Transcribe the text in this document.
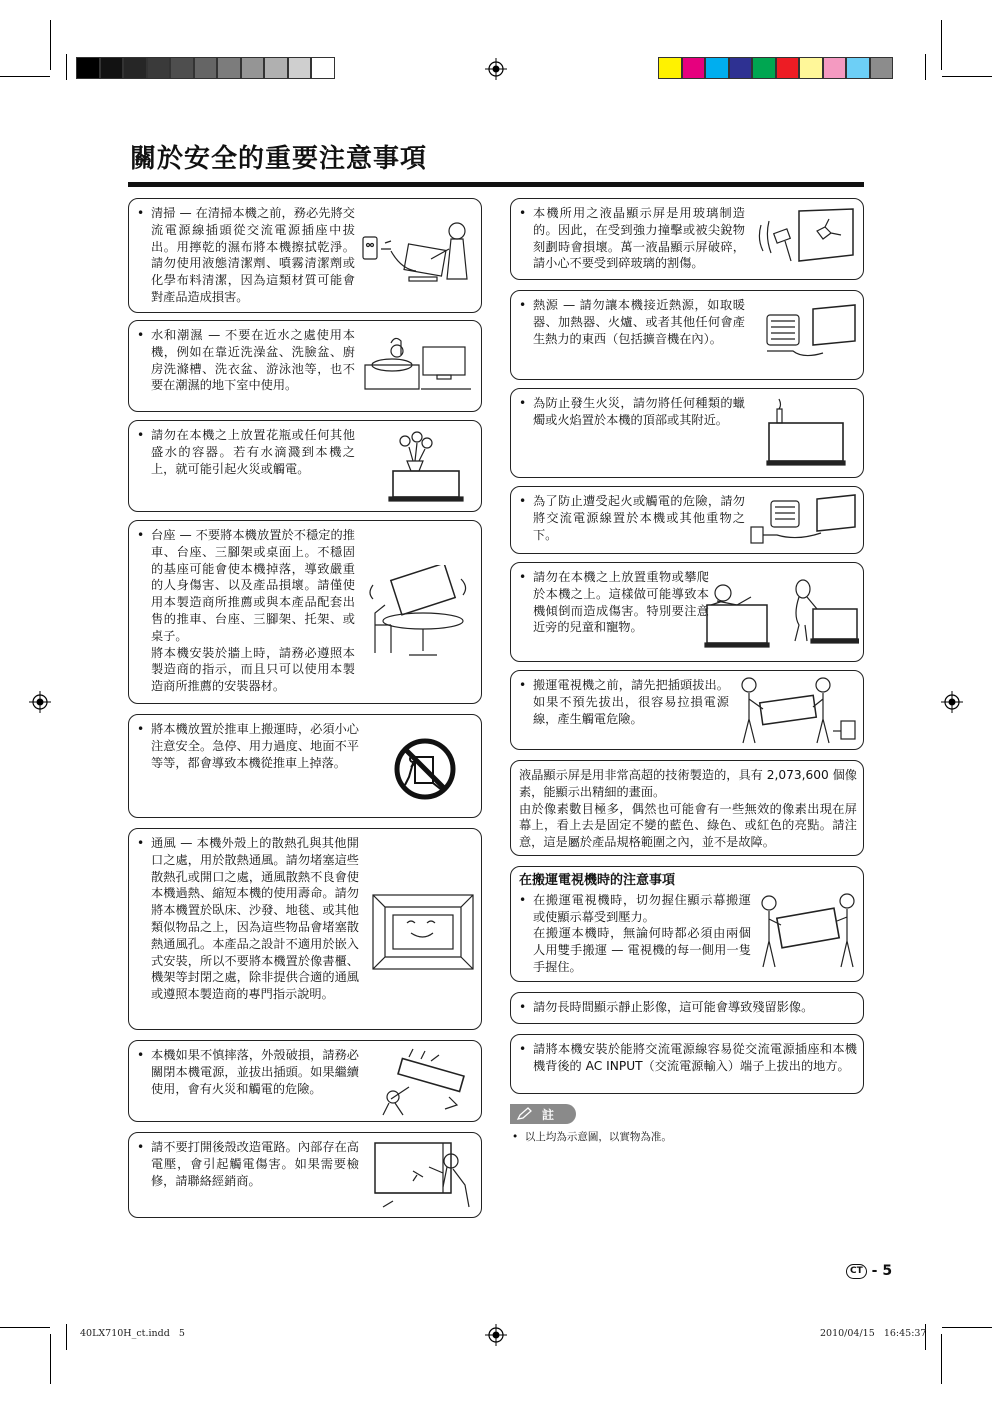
關於安全的重要注意事項
• 清掃 — 在清掃本機之前，務必先將交流電源線插頭從交流電源插座中拔出。用擰乾的濕布將本機擦拭乾淨。請勿使用液態清潔劑、噴霧清潔劑或化學布料清潔，因為這類材質可能會對產品造成損害。

• 水和潮濕 — 不要在近水之處使用本機，例如在靠近洗澡盆、洗臉盆、廚房洗滌槽、洗衣盆、游泳池等，也不要在潮濕的地下室中使用。

• 請勿在本機之上放置花瓶或任何其他盛水的容器。若有水滴濺到本機之上，就可能引起火災或觸電。

• 台座 — 不要將本機放置於不穩定的推車、台座、三腳架或桌面上。不穩固的基座可能會使本機掉落，導致嚴重的人身傷害、以及產品損壞。請僅使用本製造商所推薦或與本產品配套出售的推車、台座、三腳架、托架、或桌子。

將本機安裝於牆上時，請務必遵照本製造商的指示，而且只可以使用本製造商所推薦的安裝器材。

• 將本機放置於推車上搬運時，必須小心注意安全。急停、用力過度、地面不平等等，都會導致本機從推車上掉落。

• 通風 — 本機外殼上的散熱孔與其他開口之處，用於散熱通風。請勿堵塞這些散熱孔或開口之處，通風散熱不良會使本機過熱、縮短本機的使用壽命。請勿將本機置於臥床、沙發、地毯、或其他類似物品之上，因為這些物品會堵塞散熱通風孔。本產品之設計不適用於嵌入式安裝，所以不要將本機置於像書櫃、機架等封閉之處，除非提供合適的通風或遵照本製造商的專門指示說明。

• 本機如果不慎摔落，外殼破損，請務必關閉本機電源，並拔出插頭。如果繼續使用，會有火災和觸電的危險。

• 請不要打開後殼改造電路。內部存在高電壓，會引起觸電傷害。如果需要檢修，請聯絡經銷商。

• 本機所用之液晶顯示屏是用玻璃制造的。因此，在受到強力撞擊或被尖銳物刻劃時會損壞。萬一液晶顯示屏破碎，請小心不要受到碎玻璃的割傷。

• 熱源 — 請勿讓本機接近熱源，如取暖器、加熱器、火爐、或者其他任何會產生熱力的東西（包括擴音機在內）。

• 為防止發生火災，請勿將任何種類的蠟燭或火焰置於本機的頂部或其附近。

• 為了防止遭受起火或觸電的危險，請勿將交流電源線置於本機或其他重物之下。

• 請勿在本機之上放置重物或攀爬於本機之上。這樣做可能導致本機傾倒而造成傷害。特別要注意近旁的兒童和寵物。

• 搬運電視機之前，請先把插頭拔出。如果不預先拔出，很容易拉損電源線，產生觸電危險。

液晶顯示屏是用非常高超的技術製造的，具有 2,073,600 個像素，能顯示出精細的畫面。

由於像素數目極多，偶然也可能會有一些無效的像素出現在屏幕上，看上去是固定不變的藍色、綠色、或紅色的亮點。請注意，這是屬於產品規格範圍之內，並不是故障。

在搬運電視機時的注意事項
• 在搬運電視機時，切勿握住顯示幕搬運或使顯示幕受到壓力。

在搬運本機時，無論何時都必須由兩個人用雙手搬運 — 電視機的每一側用一隻手握住。

• 請勿長時間顯示靜止影像，這可能會導致殘留影像。

• 請將本機安裝於能將交流電源線容易從交流電源插座和本機機背後的 AC INPUT（交流電源輸入）端子上拔出的地方。

註
• 以上均為示意圖，以實物為准。
CT - 5
40LX710H_ct.indd   5	2010/04/15   16:45:37
